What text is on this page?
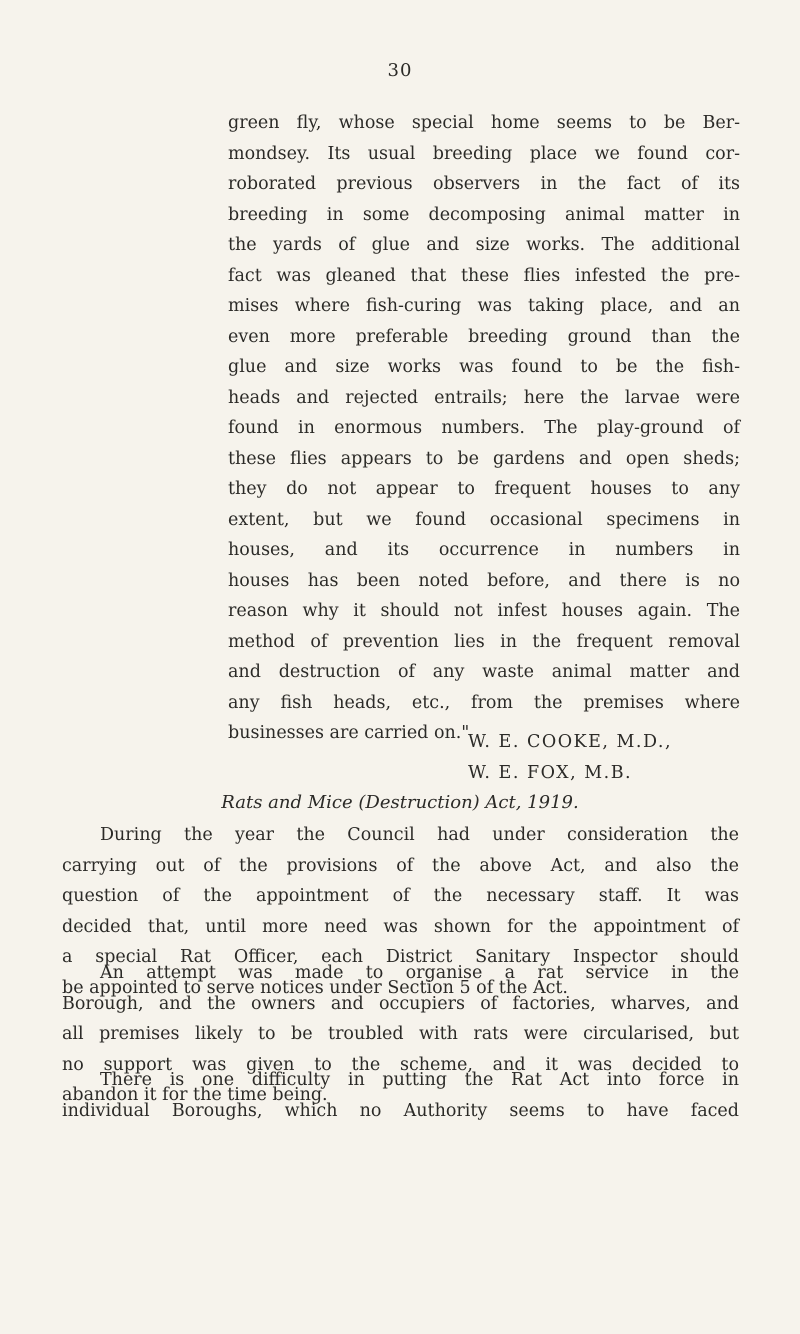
30
green fly, whose special home seems to be Ber-
mondsey. Its usual breeding place we found cor-
roborated previous observers in the fact of its
breeding in some decomposing animal matter in
the yards of glue and size works. The additional
fact was gleaned that these flies infested the pre-
mises where fish-curing was taking place, and an
even more preferable breeding ground than the
glue and size works was found to be the fish-
heads and rejected entrails; here the larvae were
found in enormous numbers. The play-ground of
these flies appears to be gardens and open sheds;
they do not appear to frequent houses to any
extent, but we found occasional specimens in
houses, and its occurrence in numbers in
houses has been noted before, and there is no
reason why it should not infest houses again. The
method of prevention lies in the frequent removal
and destruction of any waste animal matter and
any fish heads, etc., from the premises where
businesses are carried on."
W. E. COOKE, M.D.,
W. E. FOX, M.B.
Rats and Mice (Destruction) Act, 1919.
During the year the Council had under consideration the
carrying out of the provisions of the above Act, and also the
question of the appointment of the necessary staff. It was
decided that, until more need was shown for the appointment of
a special Rat Officer, each District Sanitary Inspector should
be appointed to serve notices under Section 5 of the Act.
An attempt was made to organise a rat service in the
Borough, and the owners and occupiers of factories, wharves, and
all premises likely to be troubled with rats were circularised, but
no support was given to the scheme, and it was decided to
abandon it for the time being.
There is one difficulty in putting the Rat Act into force in
individual Boroughs, which no Authority seems to have faced
